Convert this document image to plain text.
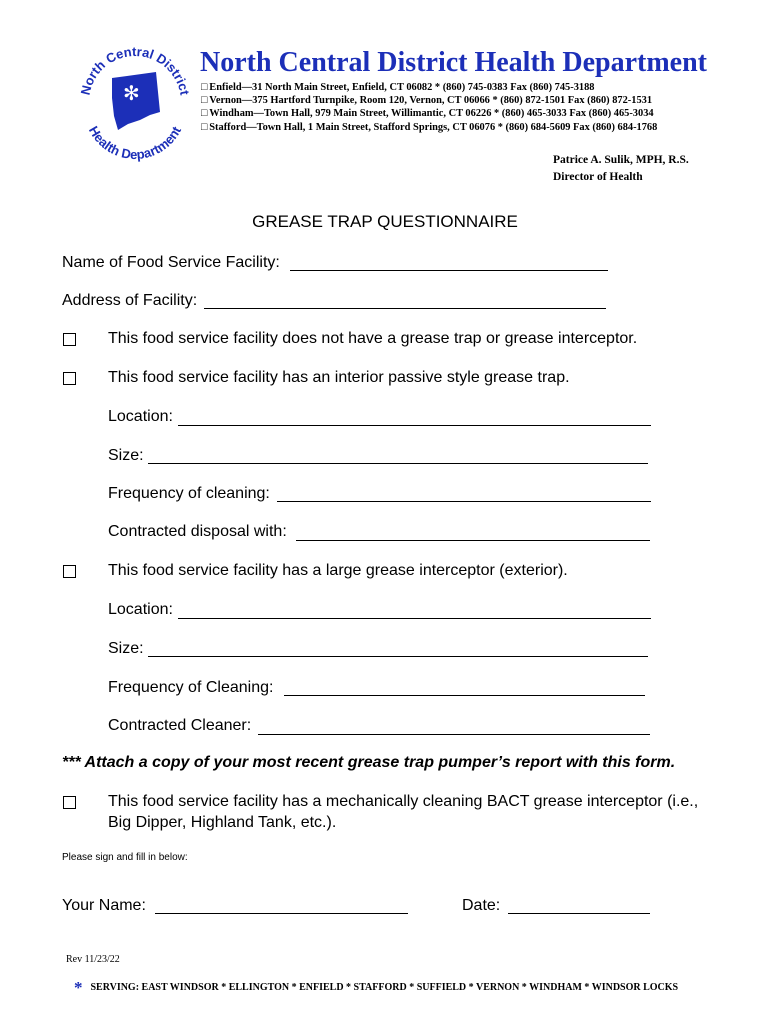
✻
North Central District
Health Department
North Central District Health Department
□ Enfield—31 North Main Street, Enfield, CT 06082 * (860) 745-0383 Fax (860) 745-3188
□ Vernon—375 Hartford Turnpike, Room 120, Vernon, CT 06066 * (860) 872-1501 Fax (860) 872-1531
□ Windham—Town Hall, 979 Main Street, Willimantic, CT 06226 * (860) 465-3033 Fax (860) 465-3034
□ Stafford—Town Hall, 1 Main Street, Stafford Springs, CT 06076 * (860) 684-5609 Fax (860) 684-1768
Patrice A. Sulik, MPH, R.S.
Director of Health
GREASE TRAP QUESTIONNAIRE
Name of Food Service Facility:
Address of Facility:
This food service facility does not have a grease trap or grease interceptor.
This food service facility has an interior passive style grease trap.
Location:
Size:
Frequency of cleaning:
Contracted disposal with:
This food service facility has a large grease interceptor (exterior).
Location:
Size:
Frequency of Cleaning:
Contracted Cleaner:
*** Attach a copy of your most recent grease trap pumper’s report with this form.
This food service facility has a mechanically cleaning BACT grease interceptor (i.e.,
Big Dipper, Highland Tank, etc.).
Please sign and fill in below:
Your Name:	Date:
Rev 11/23/22
* SERVING: EAST WINDSOR * ELLINGTON * ENFIELD * STAFFORD * SUFFIELD * VERNON * WINDHAM * WINDSOR LOCKS
